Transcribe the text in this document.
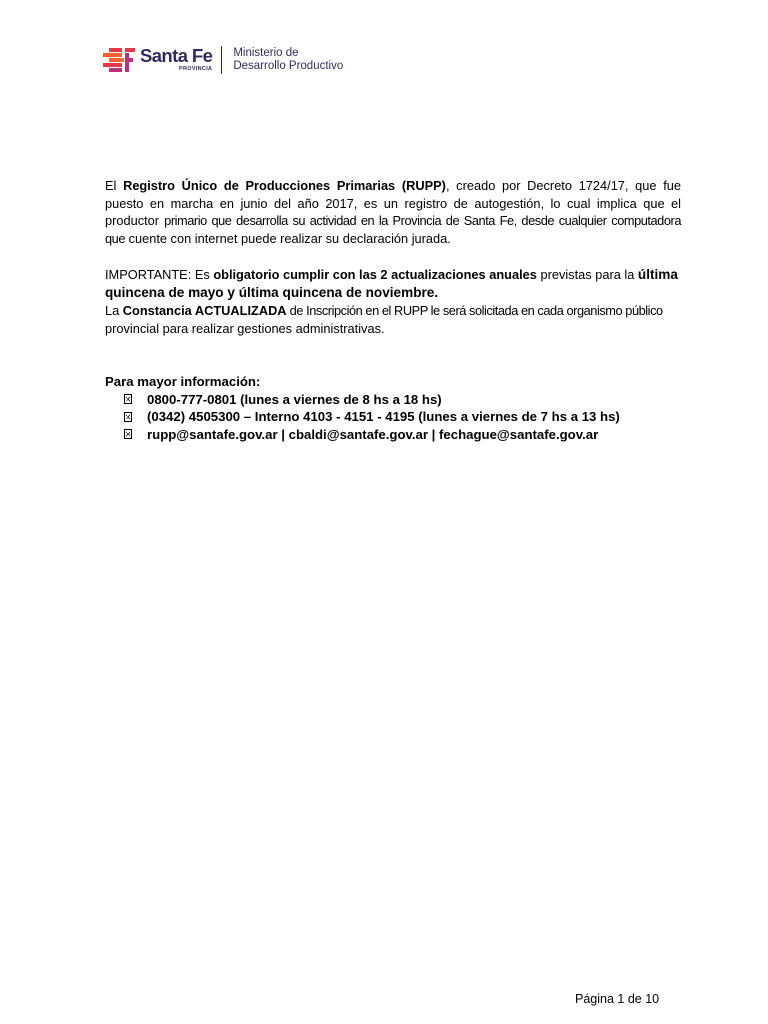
Santa Fe
PROVINCIA
Ministerio de
Desarrollo Productivo
El Registro Único de Producciones Primarias (RUPP), creado por Decreto 1724/17, que fue puesto en marcha en junio del año 2017, es un registro de autogestión, lo cual implica que el productor primario que desarrolla su actividad en la Provincia de Santa Fe, desde cualquier computadora que cuente con internet puede realizar su declaración jurada.
IMPORTANTE: Es obligatorio cumplir con las 2 actualizaciones anuales previstas para la última quincena de mayo y última quincena de noviembre.
La Constancia ACTUALIZADA de Inscripción en el RUPP le será solicitada en cada organismo público provincial para realizar gestiones administrativas.
Para mayor información:
0800-777-0801 (lunes a viernes de 8 hs a 18 hs)
(0342) 4505300 – Interno 4103 - 4151 - 4195 (lunes a viernes de 7 hs a 13 hs)
rupp@santafe.gov.ar | cbaldi@santafe.gov.ar | fechague@santafe.gov.ar
Página 1 de 10
